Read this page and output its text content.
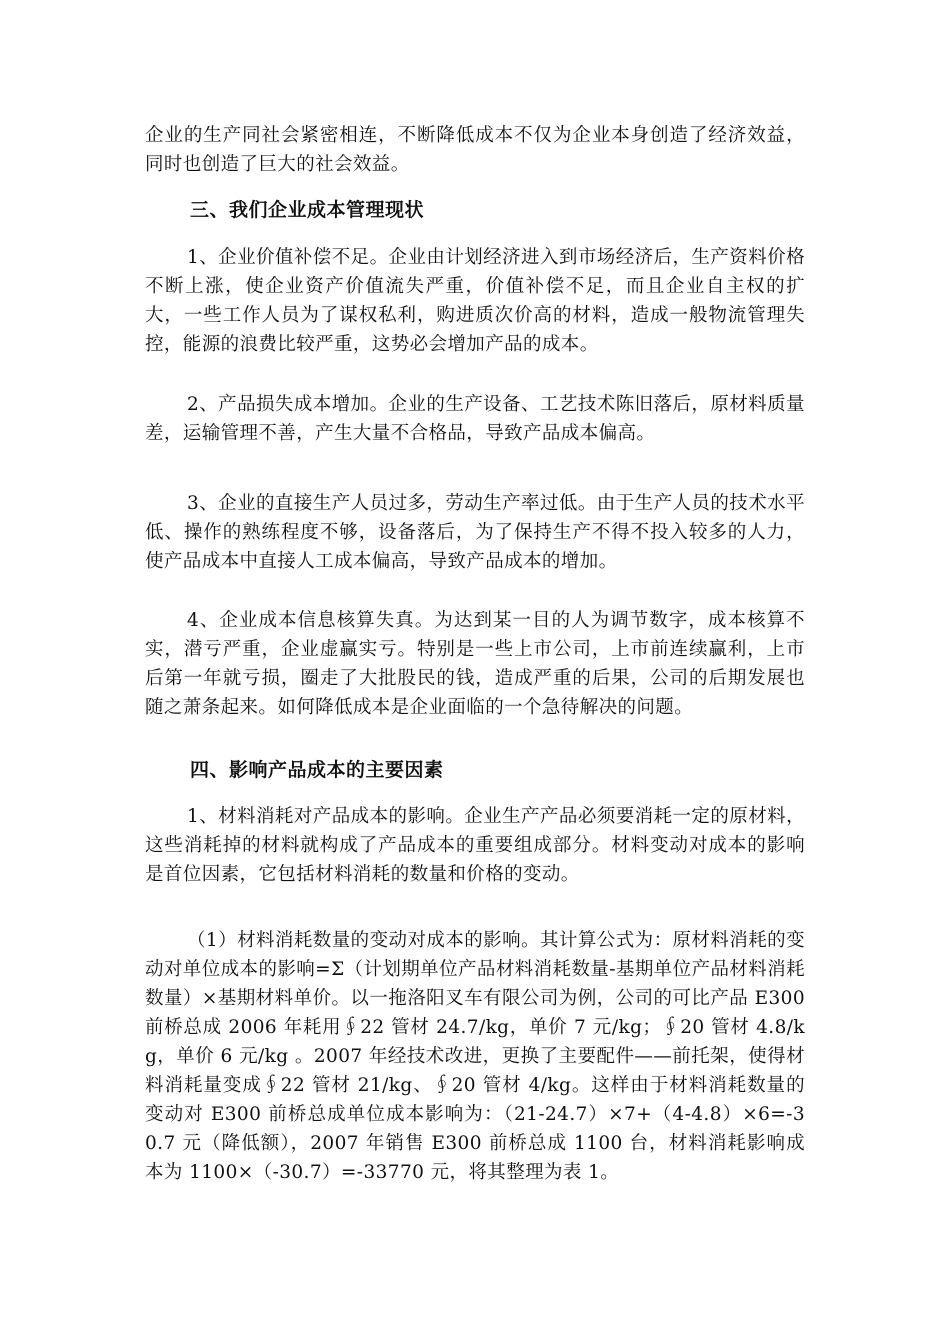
企业的生产同社会紧密相连，不断降低成本不仅为企业本身创造了经济效益，同时也创造了巨大的社会效益。

三、我们企业成本管理现状

1、企业价值补偿不足。企业由计划经济进入到市场经济后，生产资料价格不断上涨，使企业资产价值流失严重，价值补偿不足，而且企业自主权的扩大，一些工作人员为了谋权私利，购进质次价高的材料，造成一般物流管理失控，能源的浪费比较严重，这势必会增加产品的成本。

2、产品损失成本增加。企业的生产设备、工艺技术陈旧落后，原材料质量差，运输管理不善，产生大量不合格品，导致产品成本偏高。

3、企业的直接生产人员过多，劳动生产率过低。由于生产人员的技术水平低、操作的熟练程度不够，设备落后，为了保持生产不得不投入较多的人力，使产品成本中直接人工成本偏高，导致产品成本的增加。

4、企业成本信息核算失真。为达到某一目的人为调节数字，成本核算不实，潜亏严重，企业虚赢实亏。特别是一些上市公司，上市前连续赢利，上市后第一年就亏损，圈走了大批股民的钱，造成严重的后果，公司的后期发展也随之萧条起来。如何降低成本是企业面临的一个急待解决的问题。

四、影响产品成本的主要因素

1、材料消耗对产品成本的影响。企业生产产品必须要消耗一定的原材料，这些消耗掉的材料就构成了产品成本的重要组成部分。材料变动对成本的影响是首位因素，它包括材料消耗的数量和价格的变动。

（1）材料消耗数量的变动对成本的影响。其计算公式为：原材料消耗的变动对单位成本的影响=Σ（计划期单位产品材料消耗数量-基期单位产品材料消耗数量）×基期材料单价。以一拖洛阳叉车有限公司为例，公司的可比产品 E300 前桥总成 2006 年耗用∮22 管材 24.7/kg，单价 7 元/kg；∮20 管材 4.8/kg，单价 6 元/kg 。2007 年经技术改进，更换了主要配件——前托架，使得材料消耗量变成∮22 管材 21/kg、∮20 管材 4/kg。这样由于材料消耗数量的变动对 E300 前桥总成单位成本影响为：（21-24.7）×7+（4-4.8）×6=-30.7 元（降低额），2007 年销售 E300 前桥总成 1100 台，材料消耗影响成本为 1100×（-30.7）=-33770 元，将其整理为表 1。
